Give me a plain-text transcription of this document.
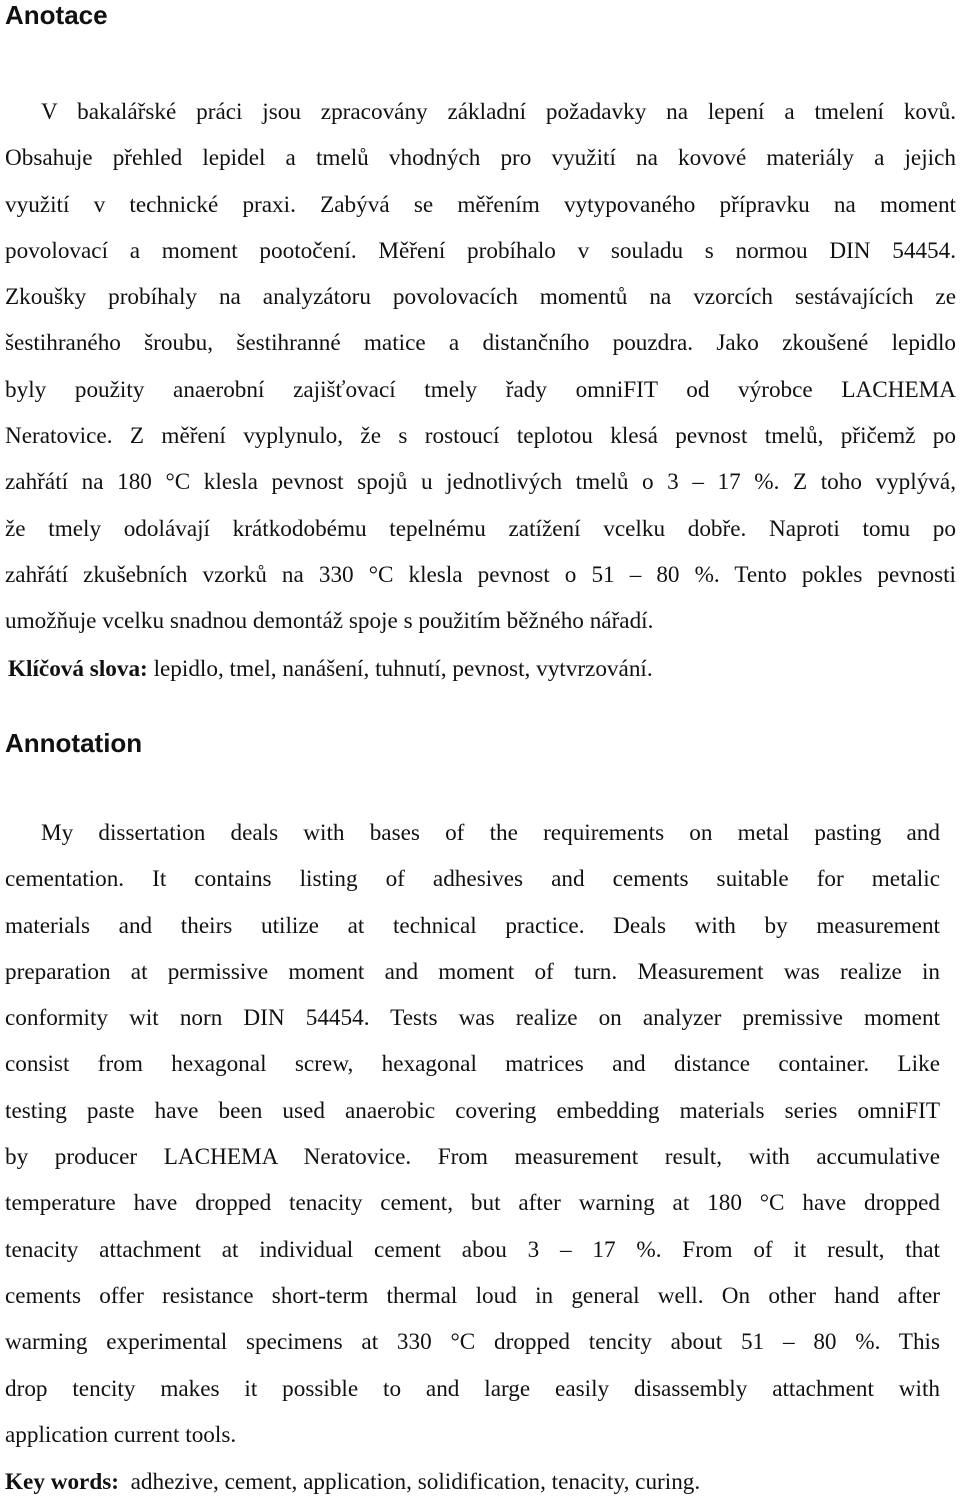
Anotace
V bakalářské práci jsou zpracovány základní požadavky na lepení a tmelení kovů.
Obsahuje přehled lepidel a tmelů vhodných pro využití na kovové materiály a jejich
využití v technické praxi. Zabývá se měřením vytypovaného přípravku na moment
povolovací a moment pootočení. Měření probíhalo v souladu s normou DIN 54454.
Zkoušky probíhaly na analyzátoru povolovacích momentů na vzorcích sestávajících ze
šestihraného šroubu, šestihranné matice a distančního pouzdra. Jako zkoušené lepidlo
byly použity anaerobní zajišťovací tmely řady omniFIT od výrobce LACHEMA
Neratovice. Z měření vyplynulo, že s rostoucí teplotou klesá pevnost tmelů, přičemž po
zahřátí na 180 °C klesla pevnost spojů u jednotlivých tmelů o 3 – 17 %. Z toho vyplývá,
že tmely odolávají krátkodobému tepelnému zatížení vcelku dobře. Naproti tomu po
zahřátí zkušebních vzorků na 330 °C klesla pevnost o 51 – 80 %. Tento pokles pevnosti
umožňuje vcelku snadnou demontáž spoje s použitím běžného nářadí.
Klíčová slova: lepidlo, tmel, nanášení, tuhnutí, pevnost, vytvrzování.
Annotation
My dissertation deals with bases of the requirements on metal pasting and
cementation. It contains listing of adhesives and cements suitable for metalic
materials and theirs utilize at technical practice. Deals with by measurement
preparation at permissive moment and moment of turn. Measurement was realize in
conformity wit norn DIN 54454. Tests was realize on analyzer premissive moment
consist from hexagonal screw, hexagonal matrices and distance container. Like
testing paste have been used anaerobic covering embedding materials series omniFIT
by producer LACHEMA Neratovice. From measurement result, with accumulative
temperature have dropped tenacity cement, but after warning at 180 °C have dropped
tenacity attachment at individual cement abou 3 – 17 %. From of it result, that
cements offer resistance short-term thermal loud in general well. On other hand after
warming experimental specimens at 330 °C dropped tencity about 51 – 80 %. This
drop tencity makes it possible to and large easily disassembly attachment with
application current tools.
Key words:  adhezive, cement, application, solidification, tenacity, curing.
